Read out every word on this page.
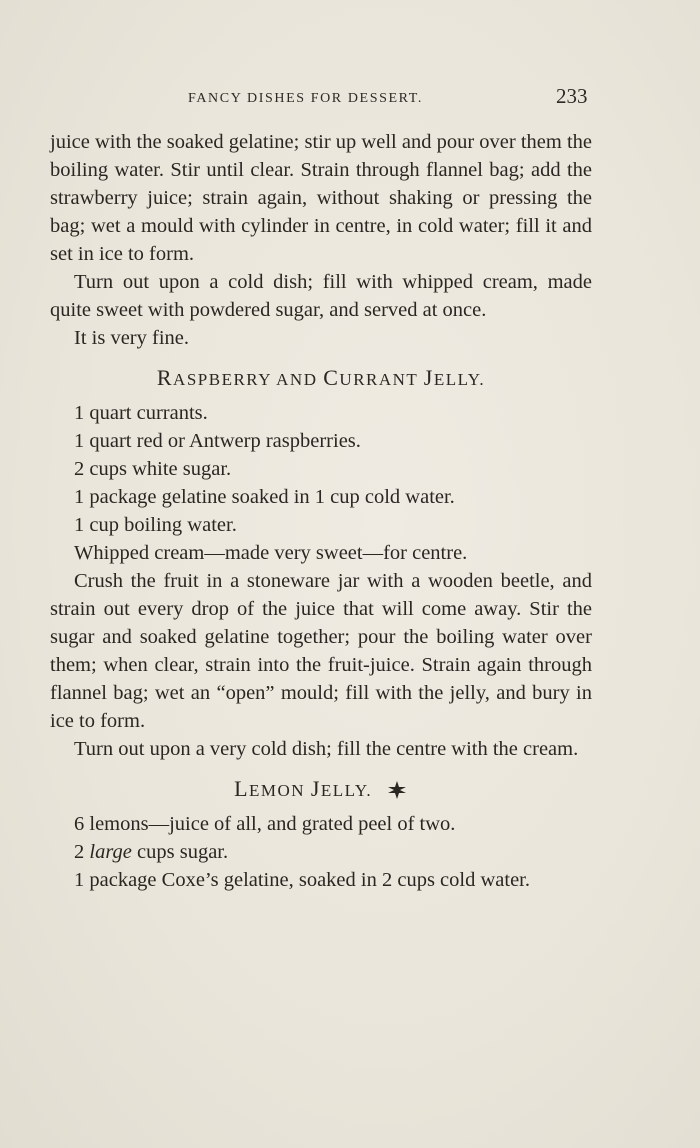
FANCY DISHES FOR DESSERT.	233

juice with the soaked gelatine; stir up well and pour over them the boiling water. Stir until clear. Strain through flannel bag; add the strawberry juice; strain again, without shaking or pressing the bag; wet a mould with cylinder in centre, in cold water; fill it and set in ice to form.

Turn out upon a cold dish; fill with whipped cream, made quite sweet with powdered sugar, and served at once.

It is very fine.

RASPBERRY AND CURRANT JELLY.

1 quart currants.

1 quart red or Antwerp raspberries.

2 cups white sugar.

1 package gelatine soaked in 1 cup cold water.

1 cup boiling water.

Whipped cream—made very sweet—for centre.

Crush the fruit in a stoneware jar with a wooden beetle, and strain out every drop of the juice that will come away. Stir the sugar and soaked gelatine together; pour the boiling water over them; when clear, strain into the fruit-juice. Strain again through flannel bag; wet an “open” mould; fill with the jelly, and bury in ice to form.

Turn out upon a very cold dish; fill the centre with the cream.

LEMON JELLY.

6 lemons—juice of all, and grated peel of two.

2 large cups sugar.

1 package Coxe’s gelatine, soaked in 2 cups cold water.
